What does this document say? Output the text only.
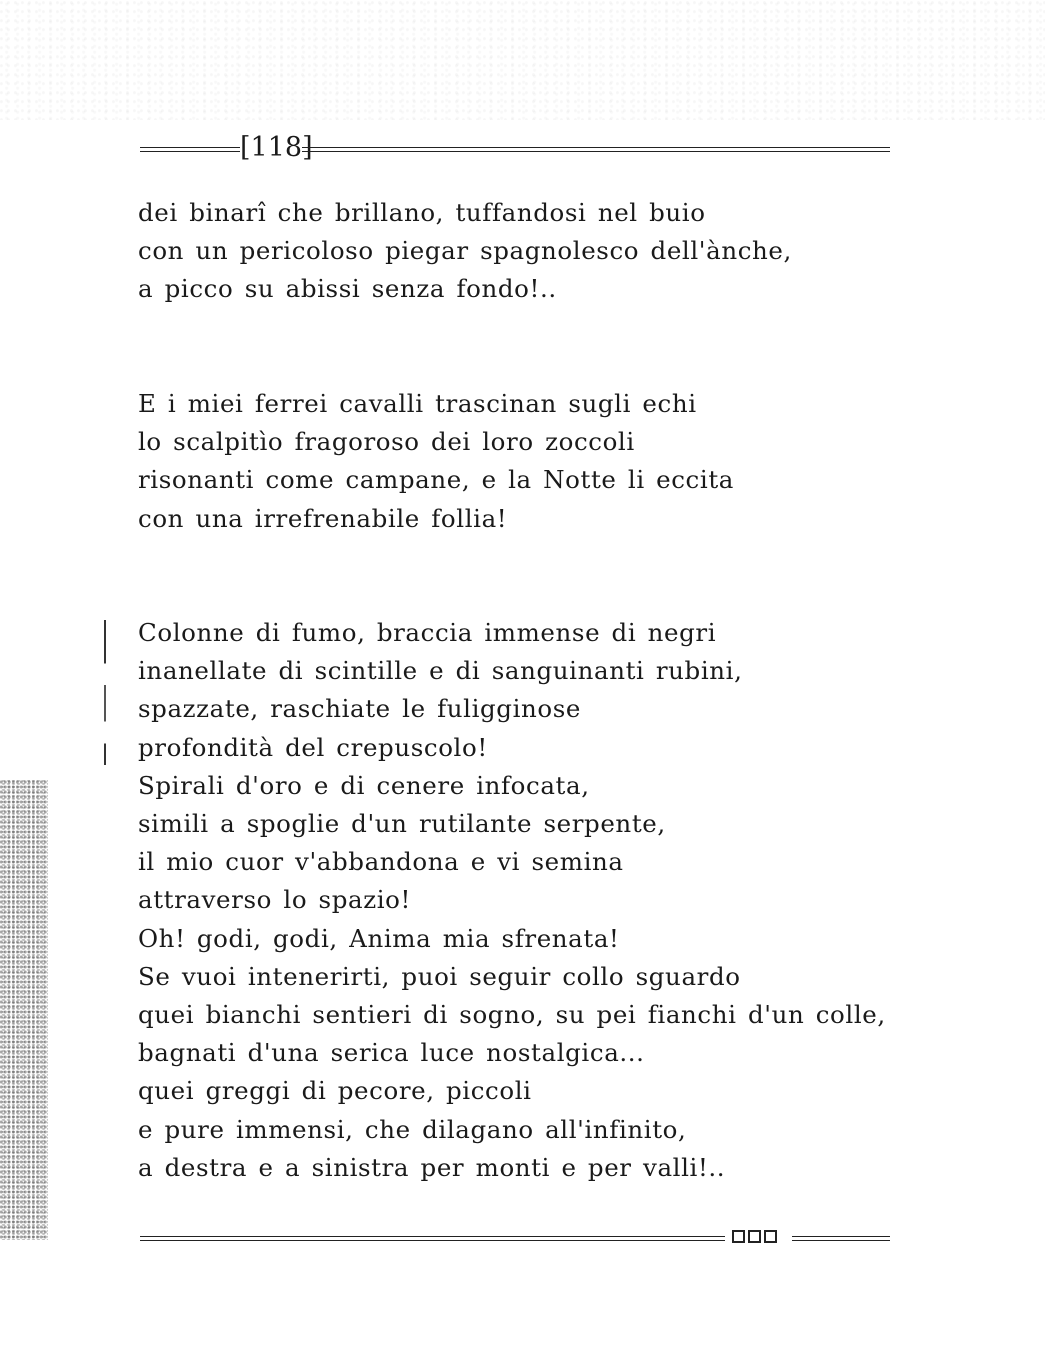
[118]
dei binarî che brillano, tuffandosi nel buio
con un pericoloso piegar spagnolesco dell'ànche,
a picco su abissi senza fondo!..
E i miei ferrei cavalli trascinan sugli echi
lo scalpitìo fragoroso dei loro zoccoli
risonanti come campane, e la Notte li eccita
con una irrefrenabile follia!
Colonne di fumo, braccia immense di negri
inanellate di scintille e di sanguinanti rubini,
spazzate, raschiate le fuligginose
profondità del crepuscolo!
Spirali d'oro e di cenere infocata,
simili a spoglie d'un rutilante serpente,
il mio cuor v'abbandona e vi semina
attraverso lo spazio!
Oh! godi, godi, Anima mia sfrenata!
Se vuoi intenerirti, puoi seguir collo sguardo
quei bianchi sentieri di sogno, su pei fianchi d'un colle,
bagnati d'una serica luce nostalgica...
quei greggi di pecore, piccoli
e pure immensi, che dilagano all'infinito,
a destra e a sinistra per monti e per valli!..
